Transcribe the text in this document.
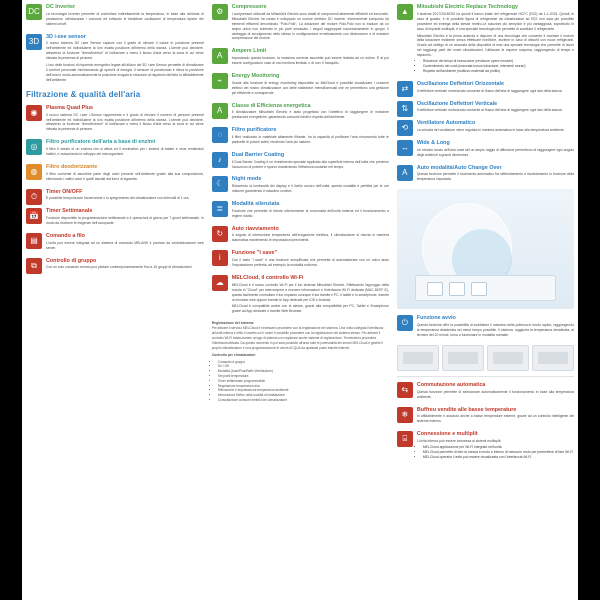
DC	DC Inverter

La tecnologia inverter permette di controllare indirettamente la temperatura, in base alla richiesta di prestazioni, ottimizzando i consumi ed evitando le fastidiose oscillazioni di temperatura tipiche dei sistemi on/off.

3D	3D i-see sensor

Il nuovo sistema 3D i-see Sensor capisce con il grado di rilevare il calore in posizione presenti nell'ambiente ed individuarne la loro esatta posizione all'interno della stanza. L'utente può decidere, attraverso la funzione "direct/indirect" di indirizzare o meno il flusso d'aria verso la zona in cui viene rilevata la presenza di persone.

L'uso delle funzioni di risparmio energetico legate all'utilizzo del 3D i-see Sensor permette di climatizzare il comfort personale minimizzando gli sprechi di energia. Il sensore di posizionato e rileva la posizione dell'aria in modo automaticamente la posizione erogata in relazione al risparmio dell'aria in affidabilmente dell'ambiente.

Filtrazione & qualità dell'aria
◉	Plasma Quad Plus

Il nuovo sistema DC i-see i-Sensor rappresenta e il grado di rilevare il numero di persone presenti nell'ambiente ed individuarne la loro esatta posizione all'interno della stanza. L'utente può decidere, attraverso la funzione "direct/indirect" di indirizzare o meno il flusso d'aria verso la zona in cui viene rilevata la presenza di persone.

◎	Filtro purificatore dell'aria a base di enzimi

Il filtro è dotato di un enzima che si attiva ed il enzimatico per i sistemi di batteri e virus rendendoli inattivi, e ostacolando lo sviluppo dei microrganismi.

◍	Filtro deodorizzante

Il filtro consente di assorbire parte degli odori presenti nell'ambiente grazie alla sua composizione, eliminando i cattivi odori e quelli lasciati dal fumo di sigaretta.

⏱	Timer ON/OFF

È possibile temporizzare l'accensione o lo spegnimento del climatizzatore con intervalli di 1 ora.

📅	Timer Settimanale

Funzione disponibile la programmazione settimanale a 4 operazioni al giorno per 7 giorni settimanale, in modo da risolvere le esigenze dell'occupante.

▤	Comando a filo

L'unità può essere integrata ad un sistema di comando MELANS e previsto da centralizzazione web server.

⧉	Controllo di gruppo

Con un solo comando remoto può pilotare contemporaneamente fino a 16 gruppi di climatizzatori.

⚙	Compressore

I compressori utilizzati da Mitsubishi Electric sono dotati di componenti altamente efficienti ed innovativi. Mitsubishi Electric ha creato e sviluppato un motore elettrico DC inverter, internamente composto da elementi efficienti denominato "Poki-Poki", La dotazione del motore Poki-Poki non si traduce da un ampio unico non bobinato in più parti smussato, i singoli raggruppati successivamente in gruppi. Il vantaggio di avvolgimento dello stesso in configurazione ermeticamente con diminuzione e di massimi compressione del motore.

A	Ampere Limit

Impostando questa funzione, la massima corrente assorbita può essere limitata ad un ordine. È al poi essere configurata in caso di uno fornitura limitata, o di non, il tranquillo.

⌁	Energy Monitoring

Grazie alla funzione di energy monitoring disponibile su MelCloud è possibile visualizzare i consumi elettrici del nostro climatizzatore con delle statistiche mensili/annuali che ne permettono una gestione più efficiente e consapevole.

A	Classe di Efficienza energetica

Il climatizzatore Mitsubishi Electric è stato progettato con l'obiettivo di raggiungere le massime prestazioni energetiche, garantendo consumi ridotti e rispetto dell'ambiente.

◌	Filtro purificatore

Il filtro realizzato in materiale altamente filtrante, ha la capacità di purificare l'aria rimuovendo tutte le particelle di polveri sottili, rendendo l'aria più salubre.

♪	Dual Barrier Coating

Il Dual Barrier Coating è un rivestimento speciale applicato alla superficie interna dell'unità che previene l'accumulo di polvere e sporco mantenendo l'efficienza costante nel tempo.

☾	Night mode

Riducendo la luminosità del display e il livello sonoro dell'unità, questa modalità è perfetta per le ore notturne garantendo il massimo comfort.

≣	Modalità silenziata

Funzione che permette di ridurre ulteriormente la rumorosità dell'unità esterna ed il funzionamento a regime ridotto.

↻	Auto riavviamento

A seguito di interruzione temporanea dell'erogazione elettrica, il climatizzatore si riavvia in maniera automatica mantenendo le impostazioni precedenti.

i	Funzione "I save"

Con il tasto "i save" è una funzione semplificata che permette di automatizzare con un unico tasto l'impostazione preferita, ad esempio la modalità notturna.

☁	MELCloud, il controllo Wi-Fi

MELCloud è il nuovo controllo Wi-Fi per il tuo sistema Mitsubishi Electric. Effettuando l'appoggio della nuvola in "Cloud" per interrompere e ricevere informazioni e l'interfaccia Wi-Fi dedicata (MAC-567IF-E), questa facilmente controllare il tuo impianto ovunque ti sia tramite il PC, il tablet e lo smartphone, tramite un browser web oppure tramite le App dedicate per iOS e Android.

MELCloud è compatibile anche con le stesse, grazie alla compatibilità per PC, Tablet e Smartphone grazie ad App dedicate o tramite Web Browser.

Registrazione del sistema
Per attivare il servizio MELCloud è necessario procedere con la registrazione del sistema. Una volta collegata l'interfaccia all'unità interna e infilo il cavetto sul il router è possibile procedere con la registrazione del sistema stesso. Per attivare il controllo Wi-Fi basta avviare un'app di sistema con registrare anche sistema di registrazione. Terminata la procedura l'interfaccia attivata. Da questo momento in poi sarà possibile all'area tutte le potenzialità dei servizi MELCloud e gestire il proprio climatizzatore e una programmazione di valore ACQUA da qualsiasi posto tramite internet.
Controllo per climatizzatori
• Comando a gruppo
• On / Off
• Modalità (Auto/Plus/Raffr./Ventilazione)
• Set point temperatura
• Timer settimanale programmabile
• Regolazione temperatura aria
• Rilevazione e impostazione temperatura ambiente
• Informazioni Meteo nella località di installazione
• Consultazione consumi elettrici del climatizzatore
▲	Mitsubishi Electric Replace Technology

Il sistema 2017/2018/032 ha quindi il banco totale del refrigerante HCFC (R22) da 1-1-2015. Quindi, in caso di guasto, è di possibile figura di refrigerante da climatizzatori ad R22 non sarà più possibile procedere ed entrega della stesse reintro-Le soluzioni più semplice è più vantaggiosa, soprattutto in caso di impianti multisplit, è una speciale tecnologia che permette di sostituire il refrigerante.

Mitsubishi Electric è la prima azienda a disporre di una tecnologia che consente il montare il motore della tubazione esistente senza effettuare bonifiche, avviene in caso di disturbi con nuovi refrigeranti. Grazie ad obbligo di un accurata della dispositivi di essi una speciale tecnologia che permette di lavori nei raggiungi parti dei nostri climatizzatori, l'utilizzare le esporre sospesa, raggiungendo di tempo e risparmio.

• Riduzione dei tempi di esecuzione (revisione opere murarie)
• Contenimento dei costi (mancata bonus tubazione, interventi murari)
• Rispetto dell'ambiente (riutilizzo materiali da profilo)
⇄	Oscillazione Deflettori Orizzontale

Il deflettore verticale motorizzato consente di flusso dell'aria di raggiungere ogni lato della stanza.

⇅	Oscillazione Deflettori Verticale

Il deflettore verticale motorizzato consente al flusso dell'aria di raggiungere ogni lato della stanza.

⟲	Ventilatore Automatico

La velocità del ventilatore viene regolata in maniera automatica in base alla temperatura ambiente.

↔	Wide & Long

Un elevato lancio dell'aria onde tali un ampio raggio di diffusione permettono di raggiungere ogni angolo degli ambienti a grandi dimensioni.

A	Auto modalità/Auto Change Over

Questa funzione permette il movimento automatico fra raffreddamento e riscaldamento in funzione della temperatura impostata.

⏻	Funzione avvio

Questa funzione offre la possibilità di soddisfare il massimo della potenza in modo rapido, raggiungendo la temperatura desiderata nel minor tempo possibile. Il sistema, raggiunta la temperatura desiderata, al termine dei 20 minuti, torna a funzionare in modalità normale.

⇆	Commutazione automatica

Questa funzione permette di selezionare automaticamente il funzionamento in base alla temperatura ambiente.

❄	Buffreu vendite alle basse temperature

In affidabilmente è assoluto anche a basse temperature esterne, grazie ad un controllo intelligente del sistema esterno.

⌸	Connessione e multiplit

L'unità interna può essere connessa ai sistemi multisplit.

• MELCloud applicazione per Wi-Fi integrato nell'unità.
• MELCloud permette di fare la messa in moto e interno di messa in moto per permettere di fare Wi-Fi.
• MELCloud operator l'unità può essere visualizzata con l'interfaccia Wi-Fi.
